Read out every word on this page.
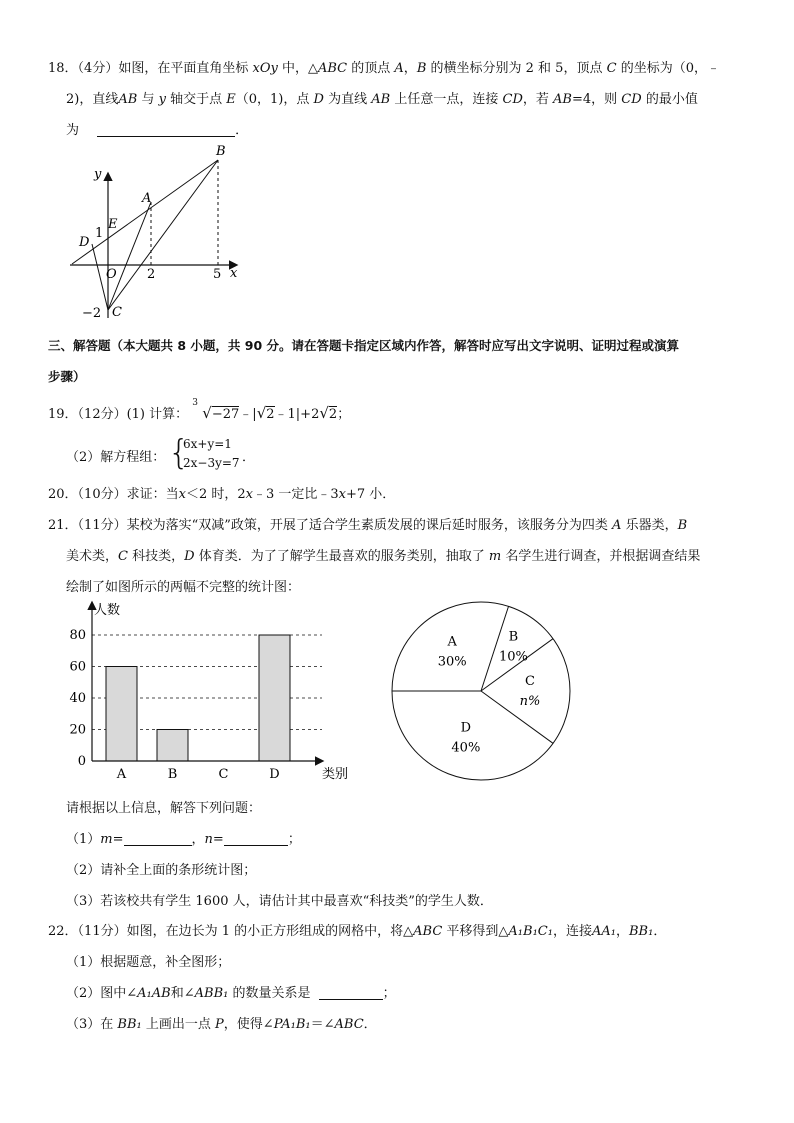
18．（4分）如图，在平面直角坐标 xOy 中，△ABC 的顶点 A，B 的横坐标分别为 2 和 5，顶点 C 的坐标为（0，﹣
2)，直线AB 与 y 轴交于点 E（0，1)，点 D 为直线 AB 上任意一点，连接 CD，若 AB=4，则 CD 的最小值
为	．
y
x
O
A
B
C
D
E
1
2	5
−2
三、解答题（本大题共 8 小题，共 90 分。请在答题卡指定区域内作答，解答时应写出文字说明、证明过程或演算
步骤）
19．（12分）(1) 计算：
3
√−27﹣|√2﹣1|+2√2；
（2）解方程组： {
6x+y=1
2x−3y=7 ．
20．（10分）求证：当x＜2 时，2x﹣3 一定比﹣3x+7 小．
21．（11分）某校为落实“双减”政策，开展了适合学生素质发展的课后延时服务，该服务分为四类 A 乐器类，B
美术类，C 科技类，D 体育类．为了了解学生最喜欢的服务类别，抽取了 m 名学生进行调查，并根据调查结果
绘制了如图所示的两幅不完整的统计图：
人数
类别
0
20
40
60
80
A	B	C	D
A
30%
B
10%
C
n%
D
40%
请根据以上信息，解答下列问题：
（1）m=	，n=	；
（2）请补全上面的条形统计图；
（3）若该校共有学生 1600 人，请估计其中最喜欢“科技类”的学生人数．
22．（11分）如图，在边长为 1 的小正方形组成的网格中，将△ABC 平移得到△A₁B₁C₁，连接AA₁，BB₁．
（1）根据题意，补全图形；
（2）图中∠A₁AB和∠ABB₁ 的数量关系是	；
（3）在 BB₁ 上画出一点 P，使得∠PA₁B₁＝∠ABC．
